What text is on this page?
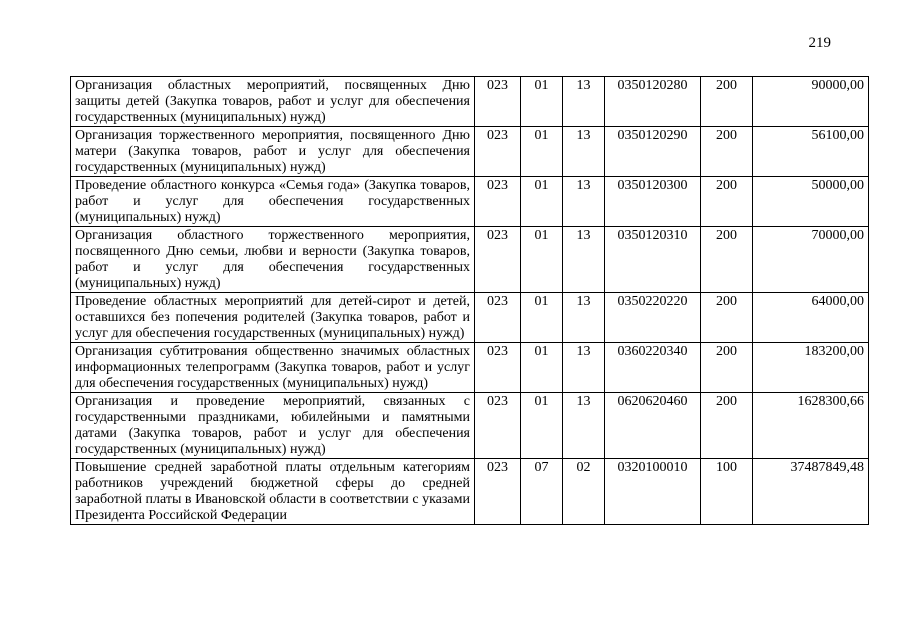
219
Организация областных мероприятий, посвященных Дню защиты детей (Закупка товаров, работ и услуг для обеспечения государственных (муниципальных) нужд)	023	01	13	0350120280	200	90000,00
Организация торжественного мероприятия, посвященного Дню матери (Закупка товаров, работ и услуг для обеспечения государственных (муниципальных) нужд)	023	01	13	0350120290	200	56100,00
Проведение областного конкурса «Семья года» (Закупка товаров, работ и услуг для обеспечения государственных (муниципальных) нужд)	023	01	13	0350120300	200	50000,00
Организация областного торжественного мероприятия, посвященного Дню семьи, любви и верности (Закупка товаров, работ и услуг для обеспечения государственных (муниципальных) нужд)	023	01	13	0350120310	200	70000,00
Проведение областных мероприятий для детей-сирот и детей, оставшихся без попечения родителей (Закупка товаров, работ и услуг для обеспечения государственных (муниципальных) нужд)	023	01	13	0350220220	200	64000,00
Организация субтитрования общественно значимых областных информационных телепрограмм (Закупка товаров, работ и услуг для обеспечения государственных (муниципальных) нужд)	023	01	13	0360220340	200	183200,00
Организация и проведение мероприятий, связанных с государственными праздниками, юбилейными и памятными датами (Закупка товаров, работ и услуг для обеспечения государственных (муниципальных) нужд)	023	01	13	0620620460	200	1628300,66
Повышение средней заработной платы отдельным категориям работников учреждений бюджетной сферы до средней заработной платы в Ивановской области в соответствии с указами Президента Российской Федерации	023	07	02	0320100010	100	37487849,48
